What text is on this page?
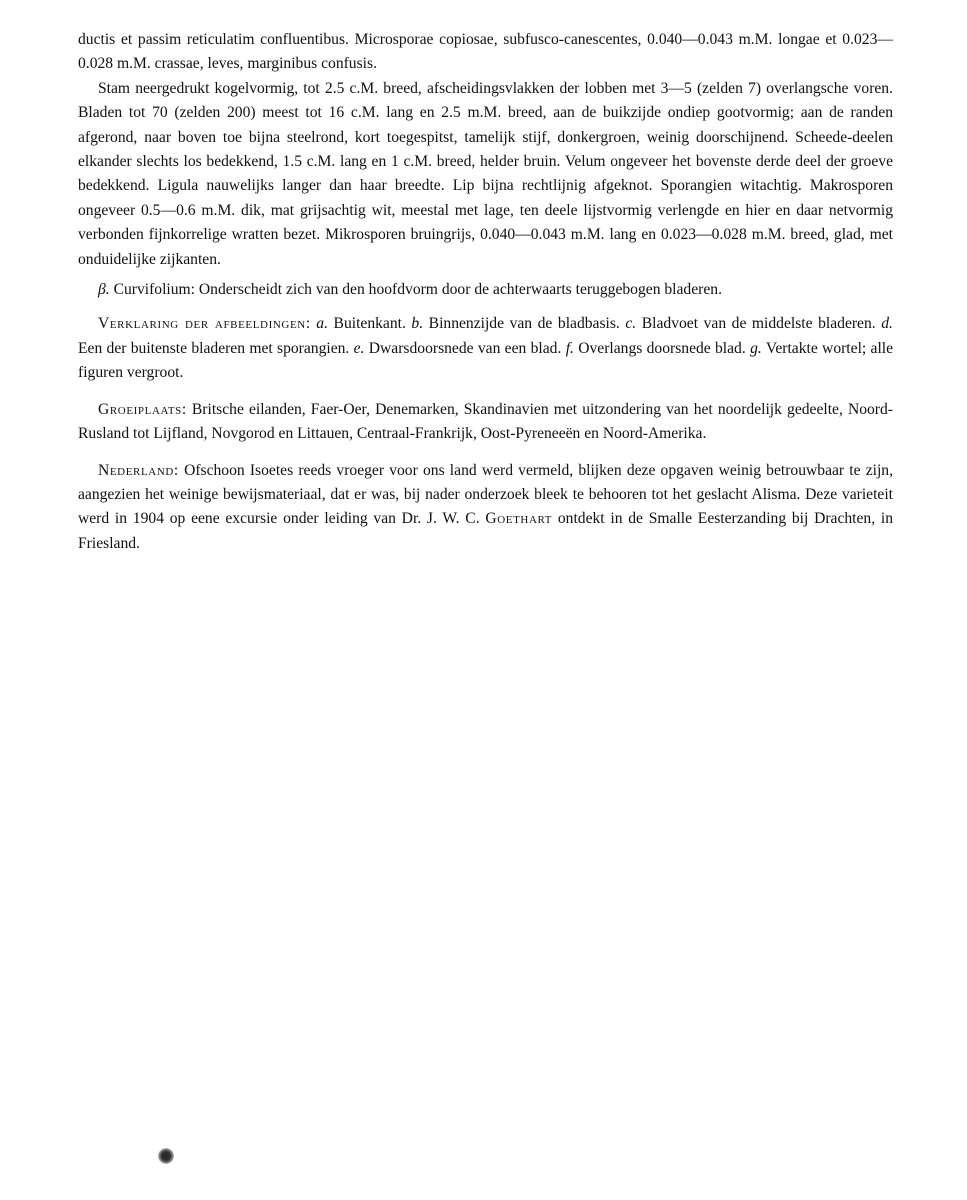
ductis et passim reticulatim confluentibus. Microsporae copiosae, subfusco-canescentes, 0.040—0.043 m.M. longae et 0.023—0.028 m.M. crassae, leves, marginibus confusis.

Stam neergedrukt kogelvormig, tot 2.5 c.M. breed, afscheidingsvlakken der lobben met 3—5 (zelden 7) overlangsche voren. Bladen tot 70 (zelden 200) meest tot 16 c.M. lang en 2.5 m.M. breed, aan de buikzijde ondiep gootvormig; aan de randen afgerond, naar boven toe bijna steelrond, kort toegespitst, tamelijk stijf, donkergroen, weinig doorschijnend. Scheede-deelen elkander slechts los bedekkend, 1.5 c.M. lang en 1 c.M. breed, helder bruin. Velum ongeveer het bovenste derde deel der groeve bedekkend. Ligula nauwelijks langer dan haar breedte. Lip bijna rechtlijnig afgeknot. Sporangien witachtig. Makrosporen ongeveer 0.5—0.6 m.M. dik, mat grijsachtig wit, meestal met lage, ten deele lijstvormig verlengde en hier en daar netvormig verbonden fijnkorrelige wratten bezet. Mikrosporen bruingrijs, 0.040—0.043 m.M. lang en 0.023—0.028 m.M. breed, glad, met onduidelijke zijkanten.

β. Curvifolium: Onderscheidt zich van den hoofdvorm door de achterwaarts teruggebogen bladeren.

Verklaring der afbeeldingen: a. Buitenkant. b. Binnenzijde van de bladbasis. c. Bladvoet van de middelste bladeren. d. Een der buitenste bladeren met sporangien. e. Dwarsdoorsnede van een blad. f. Overlangs doorsnede blad. g. Vertakte wortel; alle figuren vergroot.

Groeiplaats: Britsche eilanden, Faer-Oer, Denemarken, Skandinavien met uitzondering van het noordelijk gedeelte, Noord-Rusland tot Lijfland, Novgorod en Littauen, Centraal-Frankrijk, Oost-Pyreneeën en Noord-Amerika.

Nederland: Ofschoon Isoetes reeds vroeger voor ons land werd vermeld, blijken deze opgaven weinig betrouwbaar te zijn, aangezien het weinige bewijsmateriaal, dat er was, bij nader onderzoek bleek te behooren tot het geslacht Alisma. Deze varieteit werd in 1904 op eene excursie onder leiding van Dr. J. W. C. Goethart ontdekt in de Smalle Eesterzanding bij Drachten, in Friesland.
